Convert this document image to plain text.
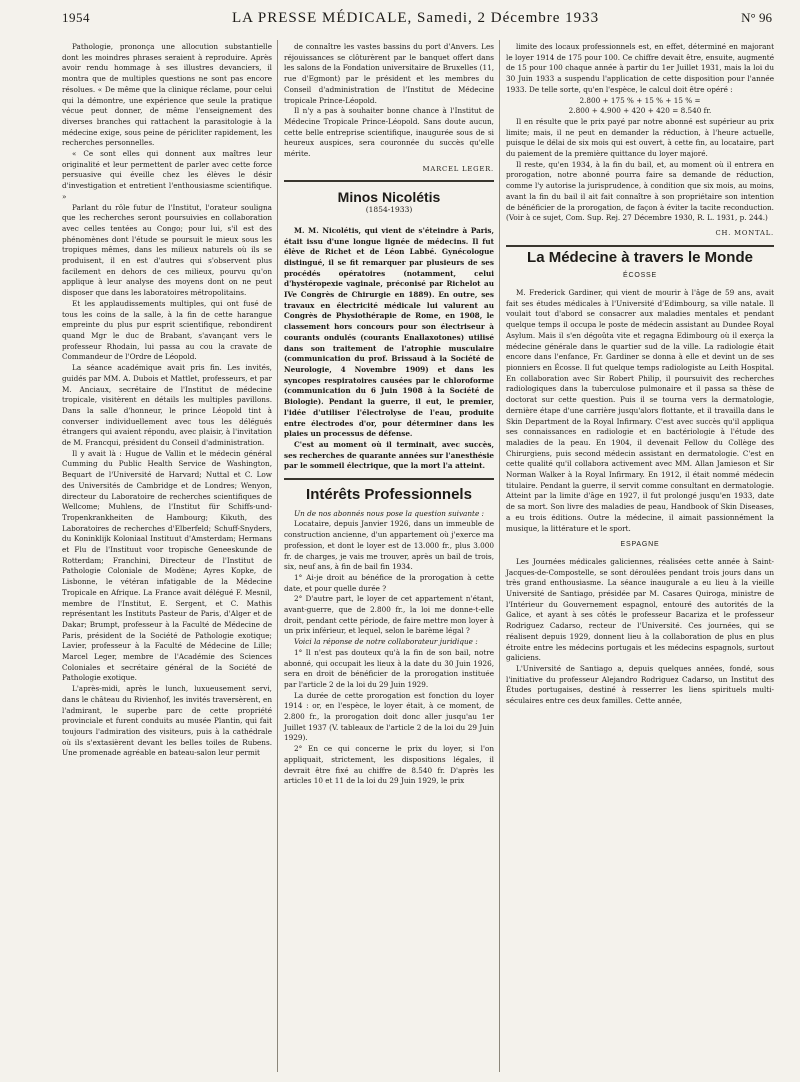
1954	LA PRESSE MÉDICALE, Samedi, 2 Décembre 1933	N° 96

Pathologie, prononça une allocution substantielle dont les moindres phrases seraient à reproduire. Après avoir rendu hommage à ses illustres devanciers, il montra que de multiples questions ne sont pas encore résolues. « De même que la clinique réclame, pour celui qui la démontre, une expérience que seule la pratique vécue peut donner, de même l'enseignement des diverses branches qui rattachent la parasitologie à la médecine exige, sous peine de péricliter rapidement, les recherches personnelles.

« Ce sont elles qui donnent aux maîtres leur originalité et leur permettent de parler avec cette force persuasive qui éveille chez les élèves le désir d'investigation et entretient l'enthousiasme scientifique. »

Parlant du rôle futur de l'Institut, l'orateur souligna que les recherches seront poursuivies en collaboration avec celles tentées au Congo; pour lui, s'il est des phénomènes dont l'étude se poursuit le mieux sous les tropiques mêmes, dans les milieux naturels où ils se produisent, il en est d'autres qui s'observent plus facilement en dehors de ces milieux, pourvu qu'on applique à leur analyse des moyens dont on ne peut disposer que dans les laboratoires métropolitains.

Et les applaudissements multiples, qui ont fusé de tous les coins de la salle, à la fin de cette harangue empreinte du plus pur esprit scientifique, rebondirent quand Mgr le duc de Brabant, s'avançant vers le professeur Rhodain, lui passa au cou la cravate de Commandeur de l'Ordre de Léopold.

La séance académique avait pris fin. Les invités, guidés par MM. A. Dubois et Mattlet, professeurs, et par M. Anciaux, secrétaire de l'Institut de médecine tropicale, visitèrent en détails les multiples pavillons. Dans la salle d'honneur, le prince Léopold tint à converser individuellement avec tous les délégués étrangers qui avaient répondu, avec plaisir, à l'invitation de M. Francqui, président du Conseil d'administration.

Il y avait là : Hugue de Vallin et le médecin général Cumming du Public Health Service de Washington, Bequart de l'Université de Harvard; Nuttal et C. Low des Universités de Cambridge et de Londres; Wenyon, directeur du Laboratoire de recherches scientifiques de Wellcome; Muhlens, de l'Institut für Schiffs-und-Tropenkrankheiten de Hambourg; Kikuth, des Laboratoires de recherches d'Elberfeld; Schuff-Snyders, du Koninklijk Koloniaal Instituut d'Amsterdam; Hermans et Flu de l'Instituut voor tropische Geneeskunde de Rotterdam; Franchini, Directeur de l'Institut de Pathologie Coloniale de Modène; Ayres Kopke, de Lisbonne, le vétéran infatigable de la Médecine Tropicale en Afrique. La France avait délégué F. Mesnil, membre de l'Institut, E. Sergent, et C. Mathis représentant les Instituts Pasteur de Paris, d'Alger et de Dakar; Brumpt, professeur à la Faculté de Médecine de Paris, président de la Société de Pathologie exotique; Lavier, professeur à la Faculté de Médecine de Lille; Marcel Leger, membre de l'Académie des Sciences Coloniales et secrétaire général de la Société de Pathologie exotique.

L'après-midi, après le lunch, luxueusement servi, dans le château du Rivienhof, les invités traversèrent, en l'admirant, le superbe parc de cette propriété provinciale et furent conduits au musée Plantin, qui fait toujours l'admiration des visiteurs, puis à la cathédrale où ils s'extasièrent devant les belles toiles de Rubens. Une promenade agréable en bateau-salon leur permit

de connaître les vastes bassins du port d'Anvers. Les réjouissances se clôturèrent par le banquet offert dans les salons de la Fondation universitaire de Bruxelles (11, rue d'Egmont) par le président et les membres du Conseil d'administration de l'Institut de Médecine tropicale Prince-Léopold.

Il n'y a pas à souhaiter bonne chance à l'Institut de Médecine Tropicale Prince-Léopold. Sans doute aucun, cette belle entreprise scientifique, inaugurée sous de si heureux auspices, sera couronnée du succès qu'elle mérite.

MARCEL LEGER.
Minos Nicolétis
(1854-1933)

M. M. Nicolétis, qui vient de s'éteindre à Paris, était issu d'une longue lignée de médecins. Il fut élève de Richet et de Léon Labbé. Gynécologue distingué, il se fit remarquer par plusieurs de ses procédés opératoires (notamment, celui d'hystéropexie vaginale, préconisé par Richelot au IVe Congrès de Chirurgie en 1889). En outre, ses travaux en électricité médicale lui valurent au Congrès de Physiothérapie de Rome, en 1908, le classement hors concours pour son électriseur à courants ondulés (courants Enallaxotones) utilisé dans son traitement de l'atrophie musculaire (communication du prof. Brissaud à la Société de Neurologie, 4 Novembre 1909) et dans les syncopes respiratoires causées par le chloroforme (communication du 6 Juin 1908 à la Société de Biologie). Pendant la guerre, il eut, le premier, l'idée d'utiliser l'électrolyse de l'eau, produite entre électrodes d'or, pour déterminer dans les plaies un processus de défense.

C'est au moment où il terminait, avec succès, ses recherches de quarante années sur l'anesthésie par le sommeil électrique, que la mort l'a atteint.

Intérêts Professionnels

Un de nos abonnés nous pose la question suivante :

Locataire, depuis Janvier 1926, dans un immeuble de construction ancienne, d'un appartement où j'exerce ma profession, et dont le loyer est de 13.000 fr., plus 3.000 fr. de charges, je vais me trouver, après un bail de trois, six, neuf ans, à fin de bail fin 1934.

1° Ai-je droit au bénéfice de la prorogation à cette date, et pour quelle durée ?

2° D'autre part, le loyer de cet appartement n'étant, avant-guerre, que de 2.800 fr., la loi me donne-t-elle droit, pendant cette période, de faire mettre mon loyer à un prix inférieur, et lequel, selon le barème légal ?

Voici la réponse de notre collaborateur juridique :

1° Il n'est pas douteux qu'à la fin de son bail, notre abonné, qui occupait les lieux à la date du 30 Juin 1926, sera en droit de bénéficier de la prorogation instituée par l'article 2 de la loi du 29 Juin 1929.

La durée de cette prorogation est fonction du loyer 1914 : or, en l'espèce, le loyer était, à ce moment, de 2.800 fr., la prorogation doit donc aller jusqu'au 1er Juillet 1937 (V. tableaux de l'article 2 de la loi du 29 Juin 1929).

2° En ce qui concerne le prix du loyer, si l'on appliquait, strictement, les dispositions légales, il devrait être fixé au chiffre de 8.540 fr. D'après les articles 10 et 11 de la loi du 29 Juin 1929, le prix

limite des locaux professionnels est, en effet, déterminé en majorant le loyer 1914 de 175 pour 100. Ce chiffre devait être, ensuite, augmenté de 15 pour 100 chaque année à partir du 1er Juillet 1931, mais la loi du 30 Juin 1933 a suspendu l'application de cette disposition pour l'année 1933. De telle sorte, qu'en l'espèce, le calcul doit être opéré :

2.800 + 175 % + 15 % + 15 % =

2.800 + 4.900 + 420 + 420 = 8.540 fr.

Il en résulte que le prix payé par notre abonné est supérieur au prix limite; mais, il ne peut en demander la réduction, à l'heure actuelle, puisque le délai de six mois qui est ouvert, à cette fin, au locataire, part du paiement de la première quittance du loyer majoré.

Il reste, qu'en 1934, à la fin du bail, et, au moment où il entrera en prorogation, notre abonné pourra faire sa demande de réduction, comme l'y autorise la jurisprudence, à condition que six mois, au moins, avant la fin du bail il ait fait connaître à son propriétaire son intention de bénéficier de la prorogation, de façon à éviter la tacite reconduction. (Voir à ce sujet, Com. Sup. Rej. 27 Décembre 1930, R. L. 1931, p. 244.)

CH. MONTAL.
La Médecine à travers le Monde
ÉCOSSE

M. Frederick Gardiner, qui vient de mourir à l'âge de 59 ans, avait fait ses études médicales à l'Université d'Edimbourg, sa ville natale. Il voulait tout d'abord se consacrer aux maladies mentales et pendant quelque temps il occupa le poste de médecin assistant au Dundee Royal Asylum. Mais il s'en dégoûta vite et regagna Edimbourg où il exerça la médecine générale dans le quartier sud de la ville. La radiologie était encore dans l'enfance, Fr. Gardiner se donna à elle et devint un de ses pionniers en Écosse. Il fut quelque temps radiologiste au Leith Hospital. En collaboration avec Sir Robert Philip, il poursuivit des recherches radiologiques dans la tuberculose pulmonaire et il passa sa thèse de doctorat sur cette question. Puis il se tourna vers la dermatologie, dernière étape d'une carrière jusqu'alors flottante, et il travailla dans le Skin Department de la Royal Infirmary. C'est avec succès qu'il appliqua ses connaissances en radiologie et en bactériologie à l'étude des maladies de la peau. En 1904, il devenait Fellow du Collège des Chirurgiens, puis second médecin assistant en dermatologie. C'est en cette qualité qu'il collabora activement avec MM. Allan Jamieson et Sir Norman Walker à la Royal Infirmary. En 1912, il était nommé médecin titulaire. Pendant la guerre, il servit comme consultant en dermatologie. Atteint par la limite d'âge en 1927, il fut prolongé jusqu'en 1933, date de sa mort. Son livre des maladies de peau, Handbook of Skin Diseases, a eu trois éditions. Outre la médecine, il aimait passionnément la musique, la littérature et le sport.

ESPAGNE

Les Journées médicales galiciennes, réalisées cette année à Saint-Jacques-de-Compostelle, se sont déroulées pendant trois jours dans un très grand enthousiasme. La séance inaugurale a eu lieu à la vieille Université de Santiago, présidée par M. Casares Quiroga, ministre de l'Intérieur du Gouvernement espagnol, entouré des autorités de la Galice, et ayant à ses côtés le professeur Bacariza et le professeur Rodriguez Cadarso, recteur de l'Université. Ces journées, qui se réalisent depuis 1929, donnent lieu à la collaboration de plus en plus étroite entre les médecins portugais et les médecins espagnols, surtout galiciens.

L'Université de Santiago a, depuis quelques années, fondé, sous l'initiative du professeur Alejandro Rodriguez Cadarso, un Institut des Études portugaises, destiné à resserrer les liens spirituels multi-séculaires entre ces deux familles. Cette année,
